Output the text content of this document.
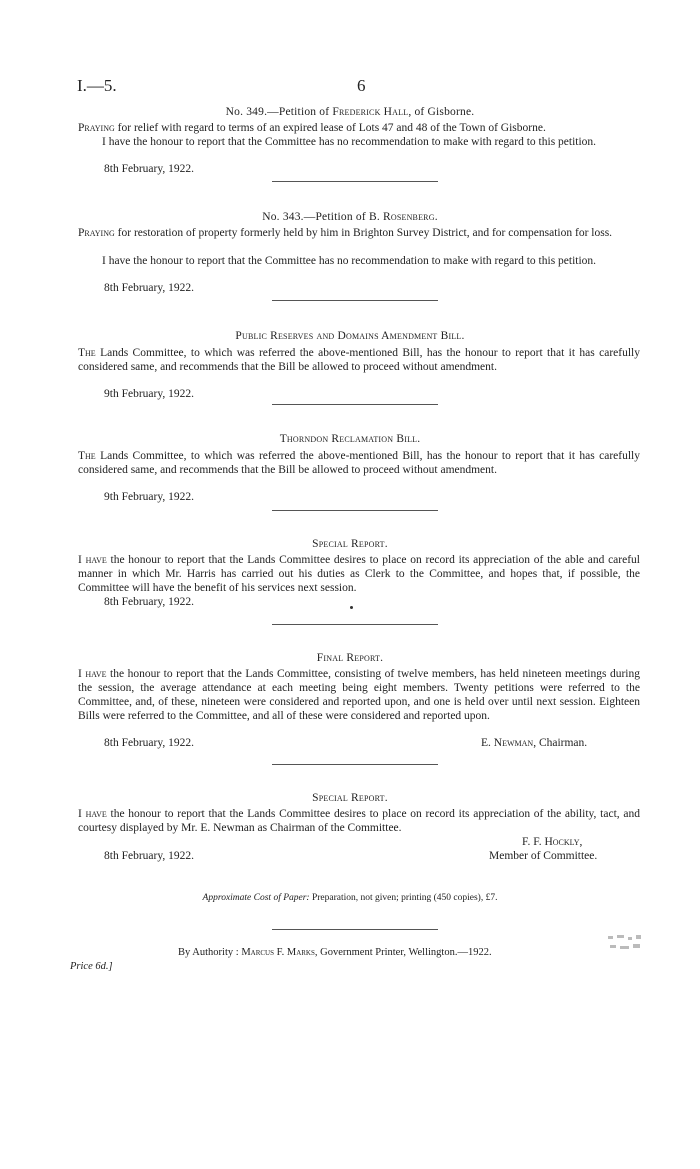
I.—5.	6
No. 349.—Petition of Frederick Hall, of Gisborne.
Praying for relief with regard to terms of an expired lease of Lots 47 and 48 of the Town of Gisborne.
I have the honour to report that the Committee has no recommendation to make with regard to this petition.
8th February, 1922.
No. 343.—Petition of B. Rosenberg.
Praying for restoration of property formerly held by him in Brighton Survey District, and for compensation for loss.
I have the honour to report that the Committee has no recommendation to make with regard to this petition.
8th February, 1922.
Public Reserves and Domains Amendment Bill.
The Lands Committee, to which was referred the above-mentioned Bill, has the honour to report that it has carefully considered same, and recommends that the Bill be allowed to proceed without amendment.
9th February, 1922.
Thorndon Reclamation Bill.
The Lands Committee, to which was referred the above-mentioned Bill, has the honour to report that it has carefully considered same, and recommends that the Bill be allowed to proceed without amendment.
9th February, 1922.
Special Report.
I have the honour to report that the Lands Committee desires to place on record its appreciation of the able and careful manner in which Mr. Harris has carried out his duties as Clerk to the Committee, and hopes that, if possible, the Committee will have the benefit of his services next session.
8th February, 1922.
Final Report.
I have the honour to report that the Lands Committee, consisting of twelve members, has held nineteen meetings during the session, the average attendance at each meeting being eight members. Twenty petitions were referred to the Committee, and, of these, nineteen were considered and reported upon, and one is held over until next session. Eighteen Bills were referred to the Committee, and all of these were considered and reported upon.
8th February, 1922.	E. Newman, Chairman.
Special Report.
I have the honour to report that the Lands Committee desires to place on record its appreciation of the ability, tact, and courtesy displayed by Mr. E. Newman as Chairman of the Committee.
F. F. Hockly,
8th February, 1922.	Member of Committee.
Approximate Cost of Paper: Preparation, not given; printing (450 copies), £7.
By Authority : Marcus F. Marks, Government Printer, Wellington.—1922.
Price 6d.]
